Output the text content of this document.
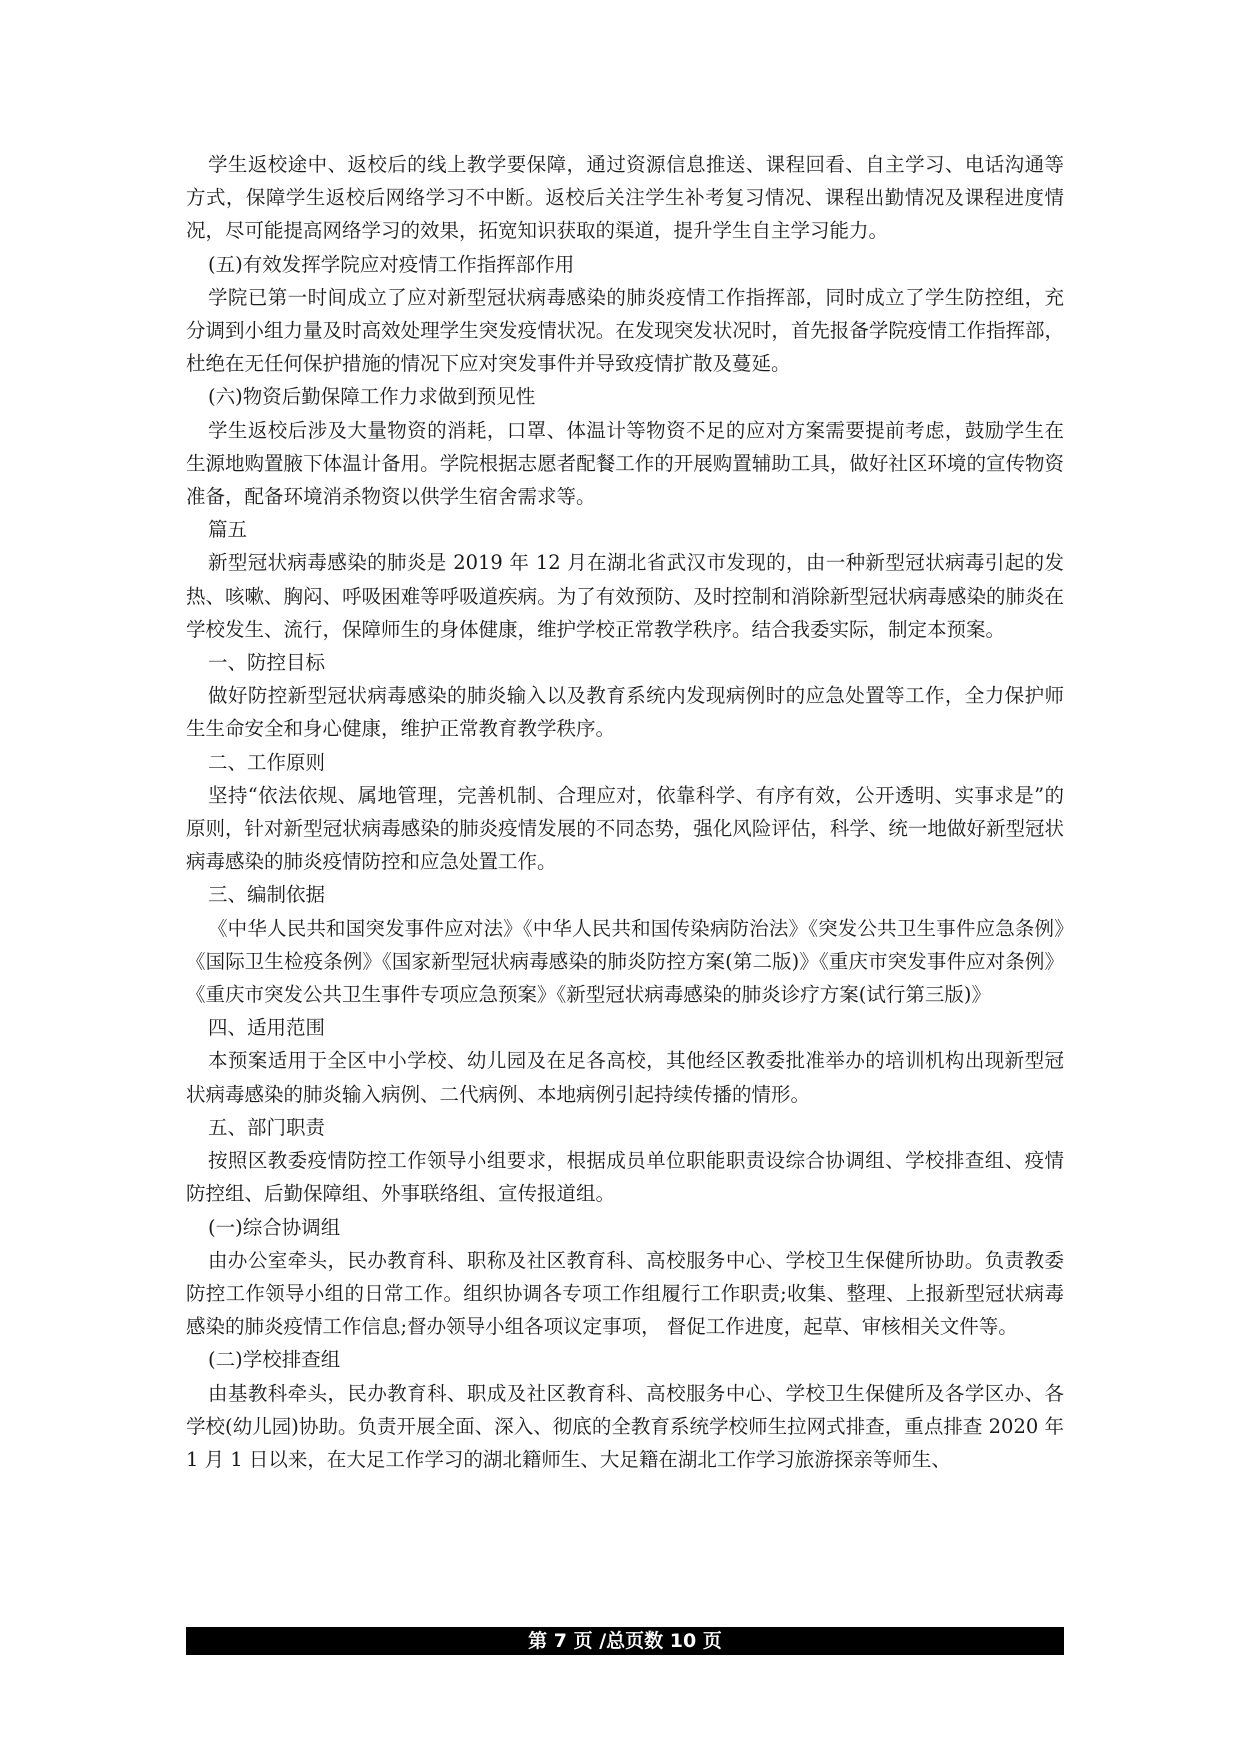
学生返校途中、返校后的线上教学要保障，通过资源信息推送、课程回看、自主学习、电话沟通等方式，保障学生返校后网络学习不中断。返校后关注学生补考复习情况、课程出勤情况及课程进度情况，尽可能提高网络学习的效果，拓宽知识获取的渠道，提升学生自主学习能力。

(五)有效发挥学院应对疫情工作指挥部作用

学院已第一时间成立了应对新型冠状病毒感染的肺炎疫情工作指挥部，同时成立了学生防控组，充分调到小组力量及时高效处理学生突发疫情状况。在发现突发状况时，首先报备学院疫情工作指挥部，杜绝在无任何保护措施的情况下应对突发事件并导致疫情扩散及蔓延。

(六)物资后勤保障工作力求做到预见性

学生返校后涉及大量物资的消耗，口罩、体温计等物资不足的应对方案需要提前考虑，鼓励学生在生源地购置腋下体温计备用。学院根据志愿者配餐工作的开展购置辅助工具，做好社区环境的宣传物资准备，配备环境消杀物资以供学生宿舍需求等。

篇五

新型冠状病毒感染的肺炎是 2019 年 12 月在湖北省武汉市发现的，由一种新型冠状病毒引起的发热、咳嗽、胸闷、呼吸困难等呼吸道疾病。为了有效预防、及时控制和消除新型冠状病毒感染的肺炎在学校发生、流行，保障师生的身体健康，维护学校正常教学秩序。结合我委实际，制定本预案。

一、防控目标

做好防控新型冠状病毒感染的肺炎输入以及教育系统内发现病例时的应急处置等工作，全力保护师生生命安全和身心健康，维护正常教育教学秩序。

二、工作原则

坚持“依法依规、属地管理，完善机制、合理应对，依靠科学、有序有效，公开透明、实事求是”的原则，针对新型冠状病毒感染的肺炎疫情发展的不同态势，强化风险评估，科学、统一地做好新型冠状病毒感染的肺炎疫情防控和应急处置工作。

三、编制依据

《中华人民共和国突发事件应对法》《中华人民共和国传染病防治法》《突发公共卫生事件应急条例》《国际卫生检疫条例》《国家新型冠状病毒感染的肺炎防控方案(第二版)》《重庆市突发事件应对条例》《重庆市突发公共卫生事件专项应急预案》《新型冠状病毒感染的肺炎诊疗方案(试行第三版)》

四、适用范围

本预案适用于全区中小学校、幼儿园及在足各高校，其他经区教委批准举办的培训机构出现新型冠状病毒感染的肺炎输入病例、二代病例、本地病例引起持续传播的情形。

五、部门职责

按照区教委疫情防控工作领导小组要求，根据成员单位职能职责设综合协调组、学校排查组、疫情防控组、后勤保障组、外事联络组、宣传报道组。

(一)综合协调组

由办公室牵头，民办教育科、职称及社区教育科、高校服务中心、学校卫生保健所协助。负责教委防控工作领导小组的日常工作。组织协调各专项工作组履行工作职责;收集、整理、上报新型冠状病毒感染的肺炎疫情工作信息;督办领导小组各项议定事项， 督促工作进度，起草、审核相关文件等。

(二)学校排查组

由基教科牵头，民办教育科、职成及社区教育科、高校服务中心、学校卫生保健所及各学区办、各学校(幼儿园)协助。负责开展全面、深入、彻底的全教育系统学校师生拉网式排查，重点排查 2020 年 1 月 1 日以来，在大足工作学习的湖北籍师生、大足籍在湖北工作学习旅游探亲等师生、

第 7 页 /总页数 10 页
